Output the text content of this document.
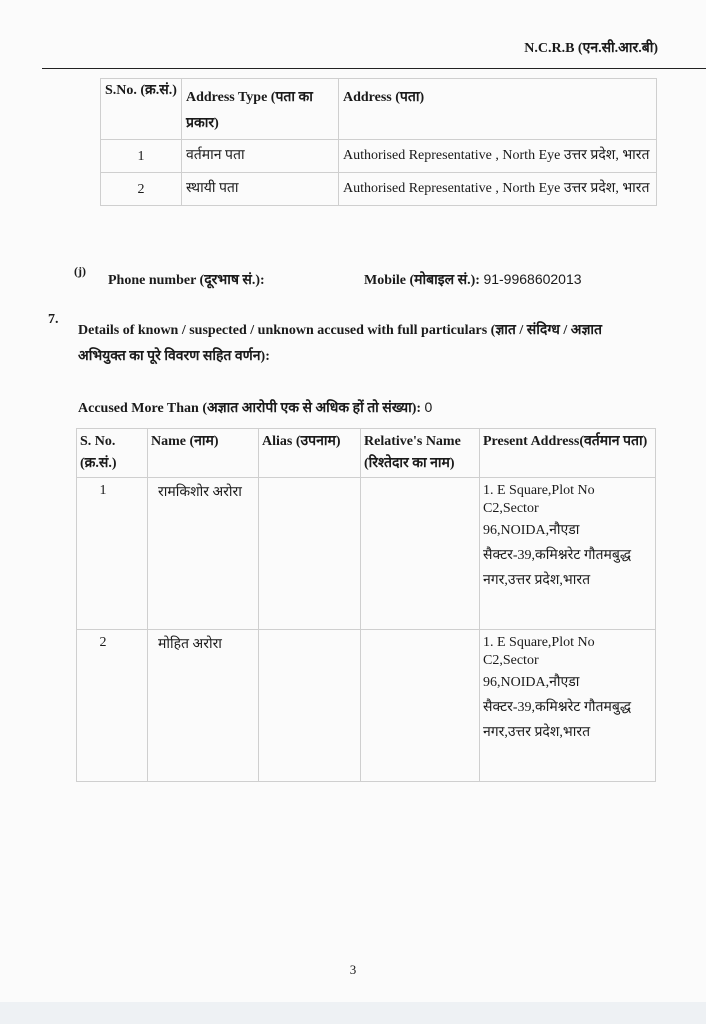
N.C.R.B (एन.सी.आर.बी)
S.No. (क्र.सं.)	Address Type (पता का प्रकार)	Address (पता)
1	वर्तमान पता	Authorised Representative , North Eye उत्तर प्रदेश, भारत
2	स्थायी पता	Authorised Representative , North Eye उत्तर प्रदेश, भारत
(j)
Phone number (दूरभाष सं.):	Mobile (मोबाइल सं.): 91-9968602013
7.
Details of known / suspected / unknown accused with full particulars (ज्ञात / संदिग्ध / अज्ञात अभियुक्त का पूरे विवरण सहित वर्णन):
Accused More Than (अज्ञात आरोपी एक से अधिक हों तो संख्या): 0
S. No. (क्र.सं.)	Name (नाम)	Alias (उपनाम)	Relative's Name (रिश्तेदार का नाम)	Present Address(वर्तमान पता)
1	रामकिशोर अरोरा			1. E Square,Plot No C2,Sector
96,NOIDA,नौएडा सैक्टर-39,कमिश्नरेट गौतमबुद्ध नगर,उत्तर प्रदेश,भारत

2	मोहित अरोरा			1. E Square,Plot No C2,Sector
96,NOIDA,नौएडा सैक्टर-39,कमिश्नरेट गौतमबुद्ध नगर,उत्तर प्रदेश,भारत
3
